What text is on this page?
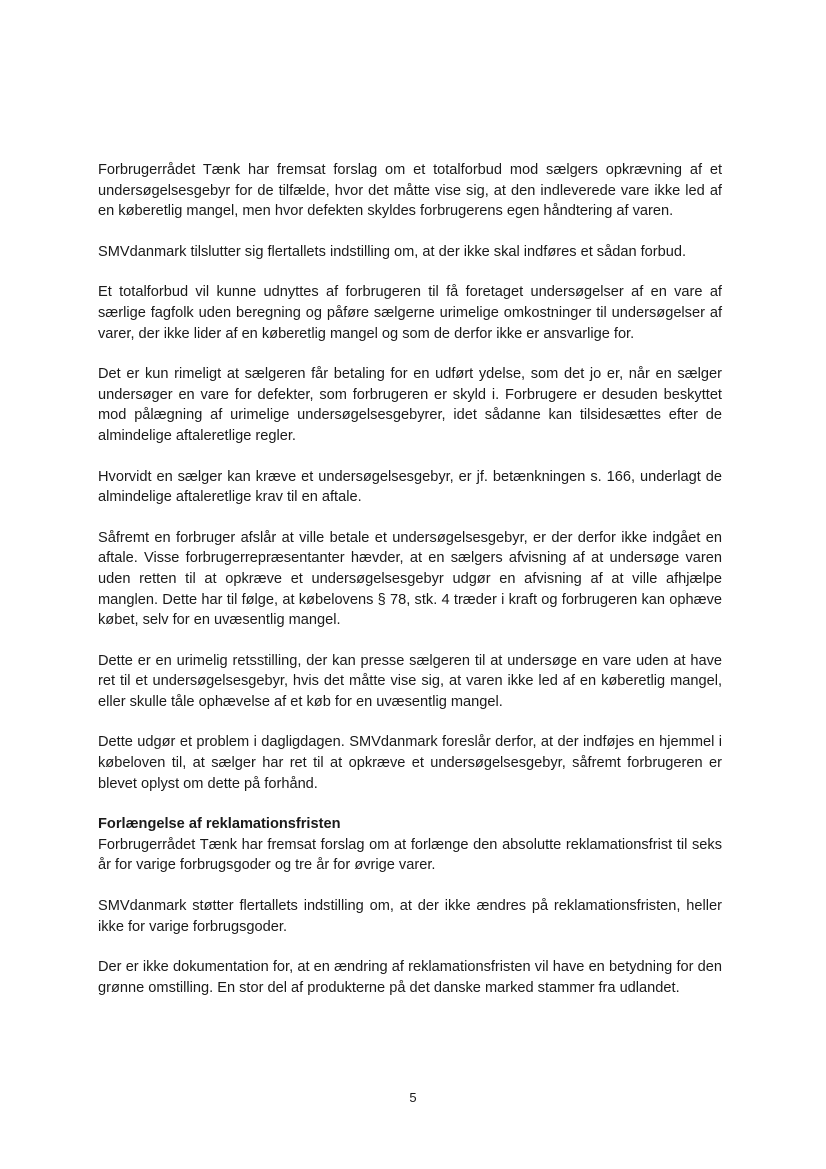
Forbrugerrådet Tænk har fremsat forslag om et totalforbud mod sælgers opkrævning af et undersøgelsesgebyr for de tilfælde, hvor det måtte vise sig, at den indleverede vare ikke led af en køberetlig mangel, men hvor defekten skyldes forbrugerens egen håndtering af varen.

SMVdanmark tilslutter sig flertallets indstilling om, at der ikke skal indføres et sådan forbud.

Et totalforbud vil kunne udnyttes af forbrugeren til få foretaget undersøgelser af en vare af særlige fagfolk uden beregning og påføre sælgerne urimelige omkostninger til undersøgelser af varer, der ikke lider af en køberetlig mangel og som de derfor ikke er ansvarlige for.

Det er kun rimeligt at sælgeren får betaling for en udført ydelse, som det jo er, når en sælger undersøger en vare for defekter, som forbrugeren er skyld i. Forbrugere er desuden beskyttet mod pålægning af urimelige undersøgelsesgebyrer, idet sådanne kan tilsidesættes efter de almindelige aftaleretlige regler.

Hvorvidt en sælger kan kræve et undersøgelsesgebyr, er jf. betænkningen s. 166, underlagt de almindelige aftaleretlige krav til en aftale.

Såfremt en forbruger afslår at ville betale et undersøgelsesgebyr, er der derfor ikke indgået en aftale. Visse forbrugerrepræsentanter hævder, at en sælgers afvisning af at undersøge varen uden retten til at opkræve et undersøgelsesgebyr udgør en afvisning af at ville afhjælpe manglen. Dette har til følge, at købelovens § 78, stk. 4 træder i kraft og forbrugeren kan ophæve købet, selv for en uvæsentlig mangel.

Dette er en urimelig retsstilling, der kan presse sælgeren til at undersøge en vare uden at have ret til et undersøgelsesgebyr, hvis det måtte vise sig, at varen ikke led af en køberetlig mangel, eller skulle tåle ophævelse af et køb for en uvæsentlig mangel.

Dette udgør et problem i dagligdagen. SMVdanmark foreslår derfor, at der indføjes en hjemmel i købeloven til, at sælger har ret til at opkræve et undersøgelsesgebyr, såfremt forbrugeren er blevet oplyst om dette på forhånd.

Forlængelse af reklamationsfristen

Forbrugerrådet Tænk har fremsat forslag om at forlænge den absolutte reklamationsfrist til seks år for varige forbrugsgoder og tre år for øvrige varer.

SMVdanmark støtter flertallets indstilling om, at der ikke ændres på reklamationsfristen, heller ikke for varige forbrugsgoder.

Der er ikke dokumentation for, at en ændring af reklamationsfristen vil have en betydning for den grønne omstilling. En stor del af produkterne på det danske marked stammer fra udlandet.

5
